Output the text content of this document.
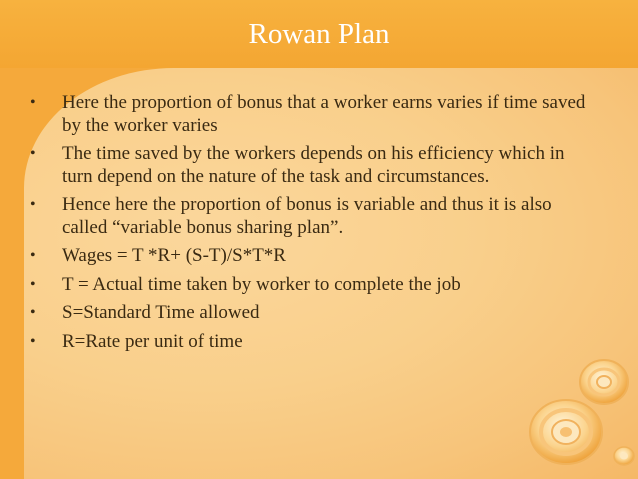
Rowan Plan
• Here the proportion of bonus that a worker earns varies if time saved by the worker varies
• The time saved by the workers depends on his efficiency which in turn depend on the nature of the task and circumstances.
• Hence here the proportion of bonus is variable and thus it is also called “variable bonus sharing plan”.
• Wages = T *R+ (S-T)/S*T*R
• T = Actual time taken by worker to complete the job
• S=Standard Time allowed
• R=Rate per unit of time
